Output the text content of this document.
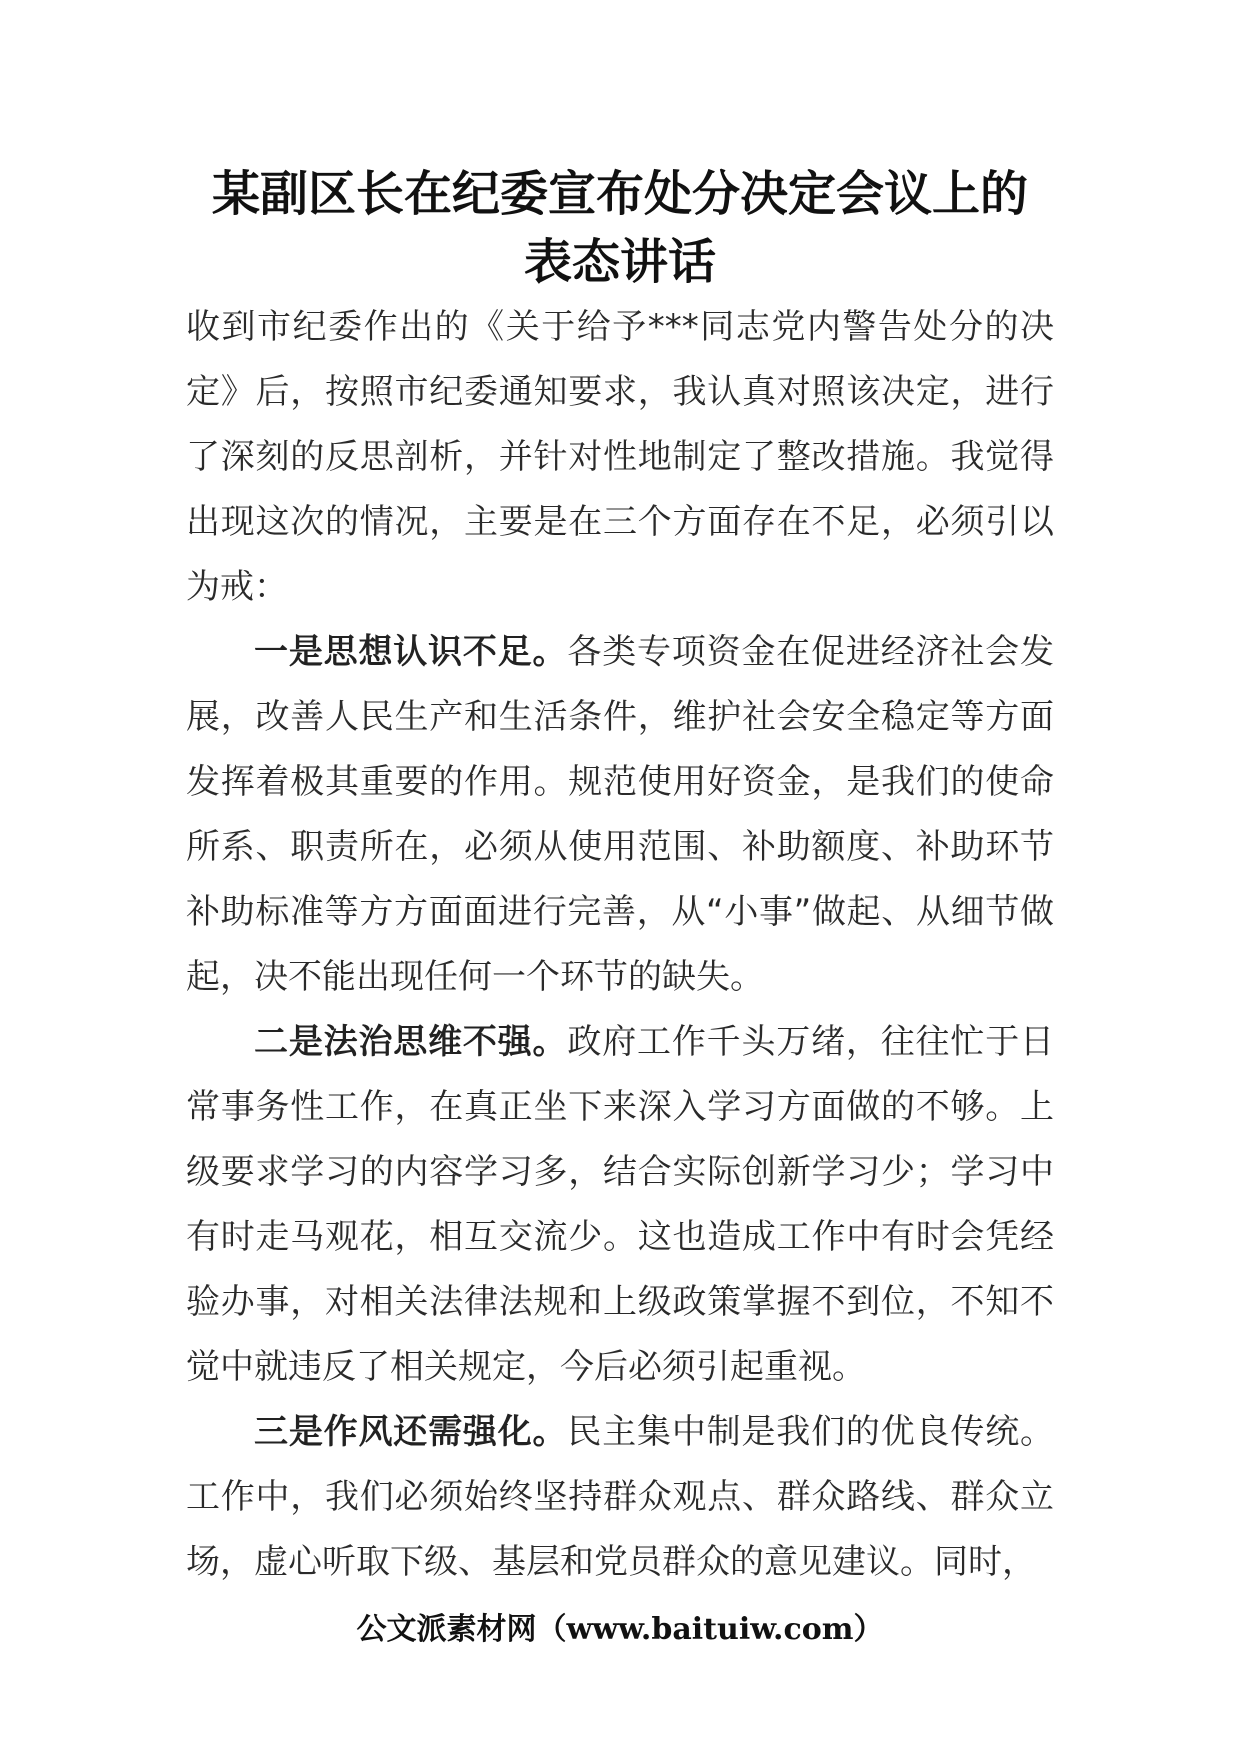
某副区长在纪委宣布处分决定会议上的
表态讲话

收到市纪委作出的《关于给予***同志党内警告处分的决定》后，按照市纪委通知要求，我认真对照该决定，进行了深刻的反思剖析，并针对性地制定了整改措施。我觉得出现这次的情况，主要是在三个方面存在不足，必须引以为戒：

一是思想认识不足。各类专项资金在促进经济社会发展，改善人民生产和生活条件，维护社会安全稳定等方面发挥着极其重要的作用。规范使用好资金，是我们的使命所系、职责所在，必须从使用范围、补助额度、补助环节补助标准等方方面面进行完善，从“小事”做起、从细节做起，决不能出现任何一个环节的缺失。

二是法治思维不强。政府工作千头万绪，往往忙于日常事务性工作，在真正坐下来深入学习方面做的不够。上级要求学习的内容学习多，结合实际创新学习少；学习中有时走马观花，相互交流少。这也造成工作中有时会凭经验办事，对相关法律法规和上级政策掌握不到位，不知不觉中就违反了相关规定，今后必须引起重视。

三是作风还需强化。民主集中制是我们的优良传统。工作中，我们必须始终坚持群众观点、群众路线、群众立场，虚心听取下级、基层和党员群众的意见建议。同时，

公文派素材网（www.baituiw.com）
